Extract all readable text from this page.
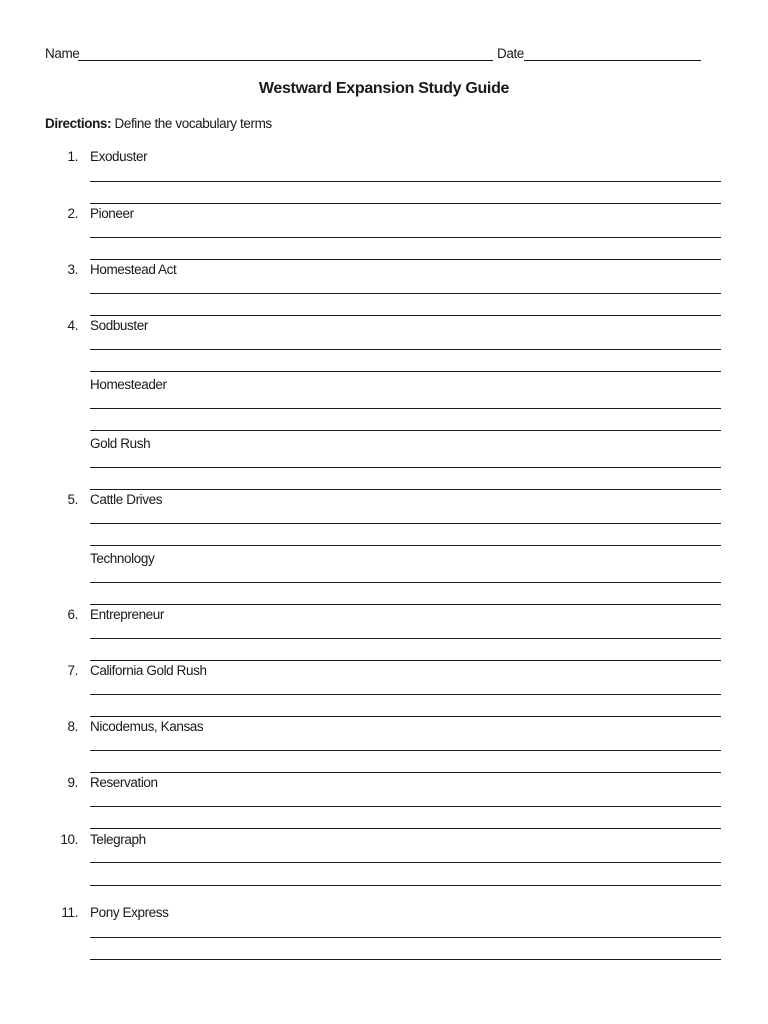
Name	Date
Westward Expansion Study Guide
Directions: Define the vocabulary terms
1. Exoduster
2. Pioneer
3. Homestead Act
4. Sodbuster
Homesteader
Gold Rush
5. Cattle Drives
Technology
6. Entrepreneur
7. California Gold Rush
8. Nicodemus, Kansas
9. Reservation
10. Telegraph
11. Pony Express
